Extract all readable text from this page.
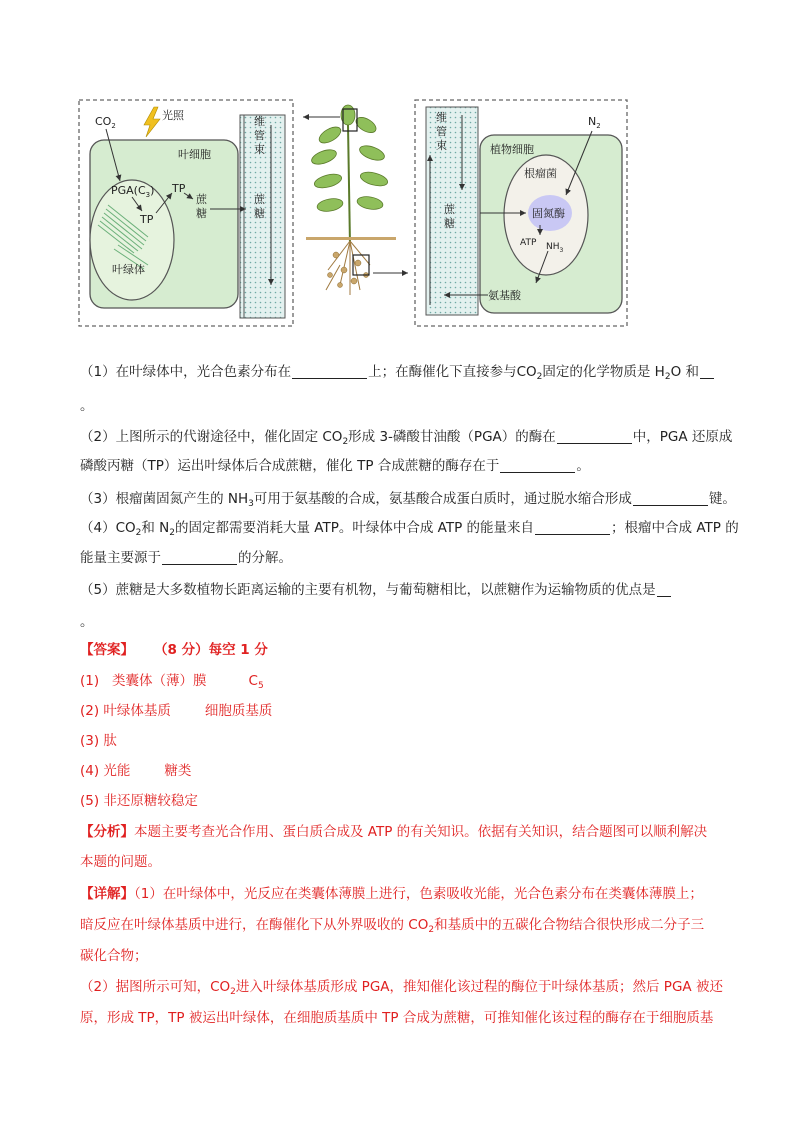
$CO_2$
光照
叶细胞
$PGA(C_3)$
TP
TP
蔗
糖
叶绿体
维
管
束
蔗
糖
维
管
束	植物细胞
$N_2$
根瘤菌
固氮酶
ATP $NH_3$
蔗
糖
氨基酸
（1）在叶绿体中，光合色素分布在	上；在酶催化下直接参与$CO_2$固定的化学物质是 $H_2O$ 和
。
（2）上图所示的代谢途径中，催化固定 $CO_2$形成 3-磷酸甘油酸（PGA）的酶在	中，PGA 还原成
磷酸丙糖（TP）运出叶绿体后合成蔗糖，催化 TP 合成蔗糖的酶存在于	。
（3）根瘤菌固氮产生的 $NH_3$可用于氨基酸的合成，氨基酸合成蛋白质时，通过脱水缩合形成	键。
$(4)CO_2$和 $N_2$的固定都需要消耗大量 ATP。叶绿体中合成 ATP 的能量来自	；根瘤中合成 ATP 的
能量主要源于	的分解。
（5）蔗糖是大多数植物长距离运输的主要有机物，与葡萄糖相比，以蔗糖作为运输物质的优点是
。
【答案】 （8 分）每空 1 分
(1) 类囊体（薄）膜	$C_5$
(2) 叶绿体基质	细胞质基质
(3) 肽
(4) 光能	糖类
(5) 非还原糖较稳定
【分析】本题主要考查光合作用、蛋白质合成及 ATP 的有关知识。依据有关知识，结合题图可以顺利解决
本题的问题。
【详解】（1）在叶绿体中，光反应在类囊体薄膜上进行，色素吸收光能，光合色素分布在类囊体薄膜上；
暗反应在叶绿体基质中进行，在酶催化下从外界吸收的 $CO_2$和基质中的五碳化合物结合很快形成二分子三
碳化合物；
（2）据图所示可知，$CO_2$进入叶绿体基质形成 PGA，推知催化该过程的酶位于叶绿体基质；然后 PGA 被还
原，形成 TP，TP 被运出叶绿体，在细胞质基质中 TP 合成为蔗糖，可推知催化该过程的酶存在于细胞质基
